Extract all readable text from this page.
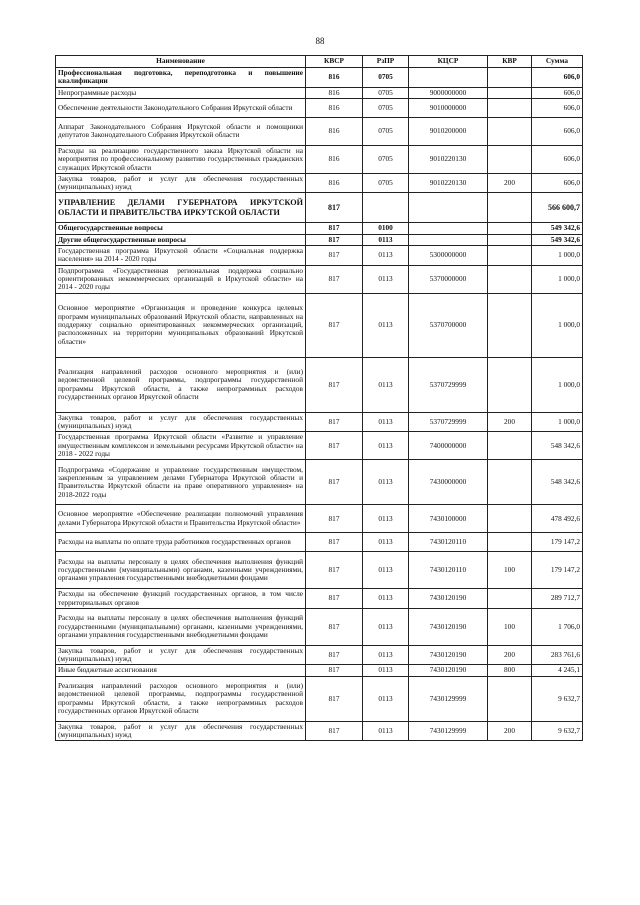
88
Наименование	КВСР	РзПР	КЦСР	КВР	Сумма
Профессиональная подготовка, переподготовка и повышение квалификации	816	0705			606,0
Непрограммные расходы	816	0705	9000000000		606,0
Обеспечение деятельности Законодательного Собрания Иркутской области	816	0705	9010000000		606,0
Аппарат Законодательного Собрания Иркутской области и помощники депутатов Законодательного Собрания Иркутской области	816	0705	9010200000		606,0
Расходы на реализацию государственного заказа Иркутской области на мероприятия по профессиональному развитию государственных гражданских служащих Иркутской области	816	0705	9010220130		606,0
Закупка товаров, работ и услуг для обеспечения государственных (муниципальных) нужд	816	0705	9010220130	200	606,0
УПРАВЛЕНИЕ ДЕЛАМИ ГУБЕРНАТОРА ИРКУТСКОЙ ОБЛАСТИ И ПРАВИТЕЛЬСТВА ИРКУТСКОЙ ОБЛАСТИ	817				566 600,7
Общегосударственные вопросы	817	0100			549 342,6
Другие общегосударственные вопросы	817	0113			549 342,6
Государственная программа Иркутской области «Социальная поддержка населения» на 2014 - 2020 годы	817	0113	5300000000		1 000,0
Подпрограмма «Государственная региональная поддержка социально ориентированных некоммерческих организаций в Иркутской области» на 2014 - 2020 годы	817	0113	5370000000		1 000,0
Основное мероприятие «Организация и проведение конкурса целевых программ муниципальных образований Иркутской области, направленных на поддержку социально ориентированных некоммерческих организаций, расположенных на территории муниципальных образований Иркутской области»	817	0113	5370700000		1 000,0
Реализация направлений расходов основного мероприятия и (или) ведомственной целевой программы, подпрограммы государственной программы Иркутской области, а также непрограммных расходов государственных органов Иркутской области	817	0113	5370729999		1 000,0
Закупка товаров, работ и услуг для обеспечения государственных (муниципальных) нужд	817	0113	5370729999	200	1 000,0
Государственная программа Иркутской области «Развитие и управление имущественным комплексом и земельными ресурсами Иркутской области» на 2018 - 2022 годы	817	0113	7400000000		548 342,6
Подпрограмма «Содержание и управление государственным имуществом, закрепленным за управлением делами Губернатора Иркутской области и Правительства Иркутской области на праве оперативного управления» на 2018-2022 годы	817	0113	7430000000		548 342,6
Основное мероприятие «Обеспечение реализации полномочий управления делами Губернатора Иркутской области и Правительства Иркутской области»	817	0113	7430100000		478 492,6
Расходы на выплаты по оплате труда работников государственных органов	817	0113	7430120110		179 147,2
Расходы на выплаты персоналу в целях обеспечения выполнения функций государственными (муниципальными) органами, казенными учреждениями, органами управления государственными внебюджетными фондами	817	0113	7430120110	100	179 147,2
Расходы на обеспечение функций государственных органов, в том числе территориальных органов	817	0113	7430120190		289 712,7
Расходы на выплаты персоналу в целях обеспечения выполнения функций государственными (муниципальными) органами, казенными учреждениями, органами управления государственными внебюджетными фондами	817	0113	7430120190	100	1 706,0
Закупка товаров, работ и услуг для обеспечения государственных (муниципальных) нужд	817	0113	7430120190	200	283 761,6
Иные бюджетные ассигнования	817	0113	7430120190	800	4 245,1
Реализация направлений расходов основного мероприятия и (или) ведомственной целевой программы, подпрограммы государственной программы Иркутской области, а также непрограммных расходов государственных органов Иркутской области	817	0113	7430129999		9 632,7
Закупка товаров, работ и услуг для обеспечения государственных (муниципальных) нужд	817	0113	7430129999	200	9 632,7
